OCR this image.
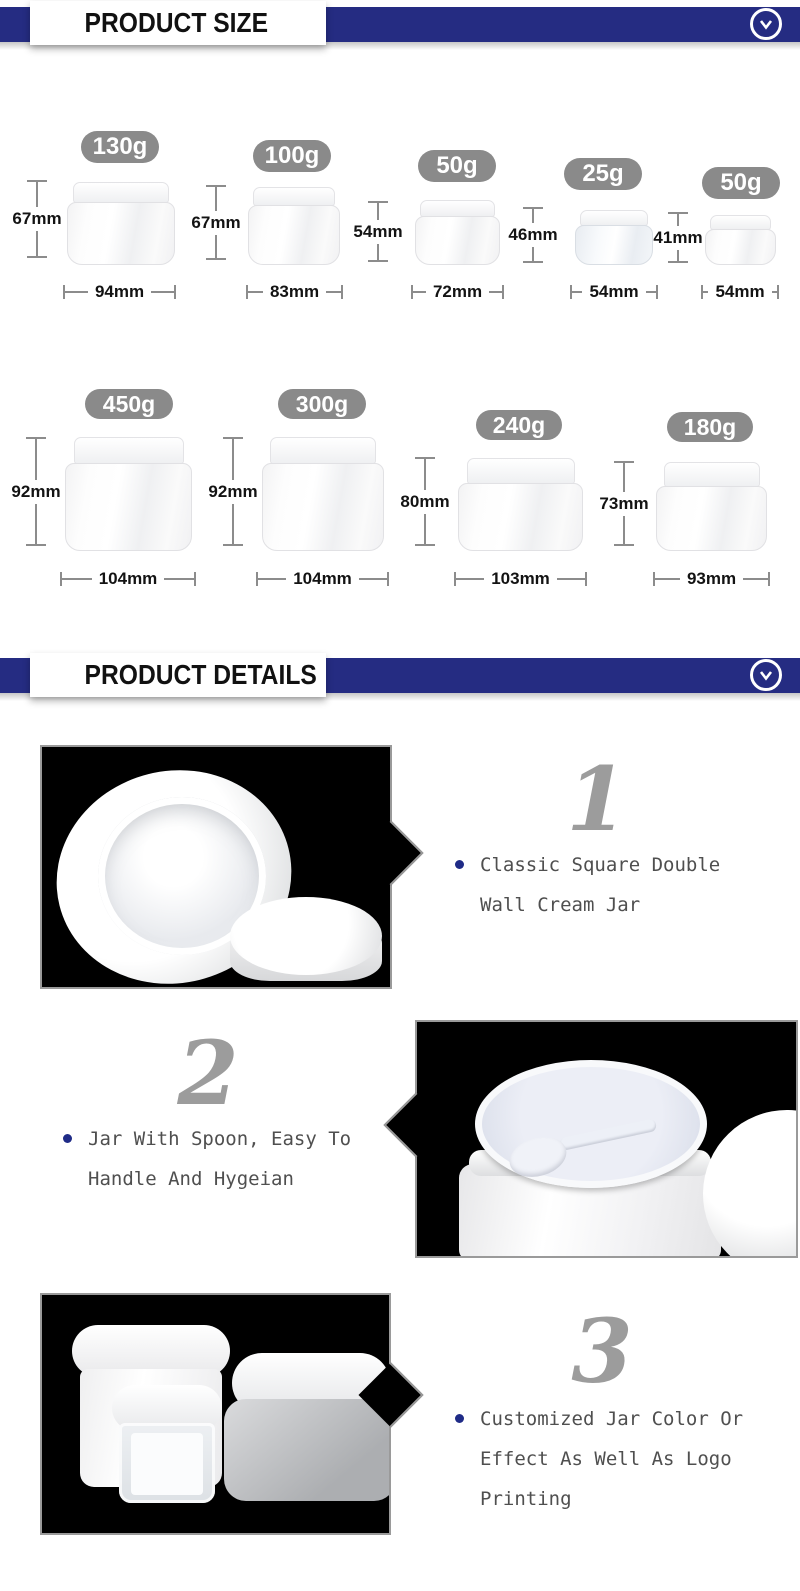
PRODUCT SIZE
130g
67mm
94mm
100g
67mm
83mm
50g
54mm
72mm
25g
46mm
54mm
50g
41mm
54mm
450g
92mm
104mm
300g
92mm
104mm
240g
80mm
103mm
180g
73mm
93mm
PRODUCT DETAILS
1
Classic Square Double
Wall Cream Jar
2
Jar With Spoon, Easy To
Handle And Hygeian
3
Customized Jar Color Or
Effect As Well As Logo
Printing
